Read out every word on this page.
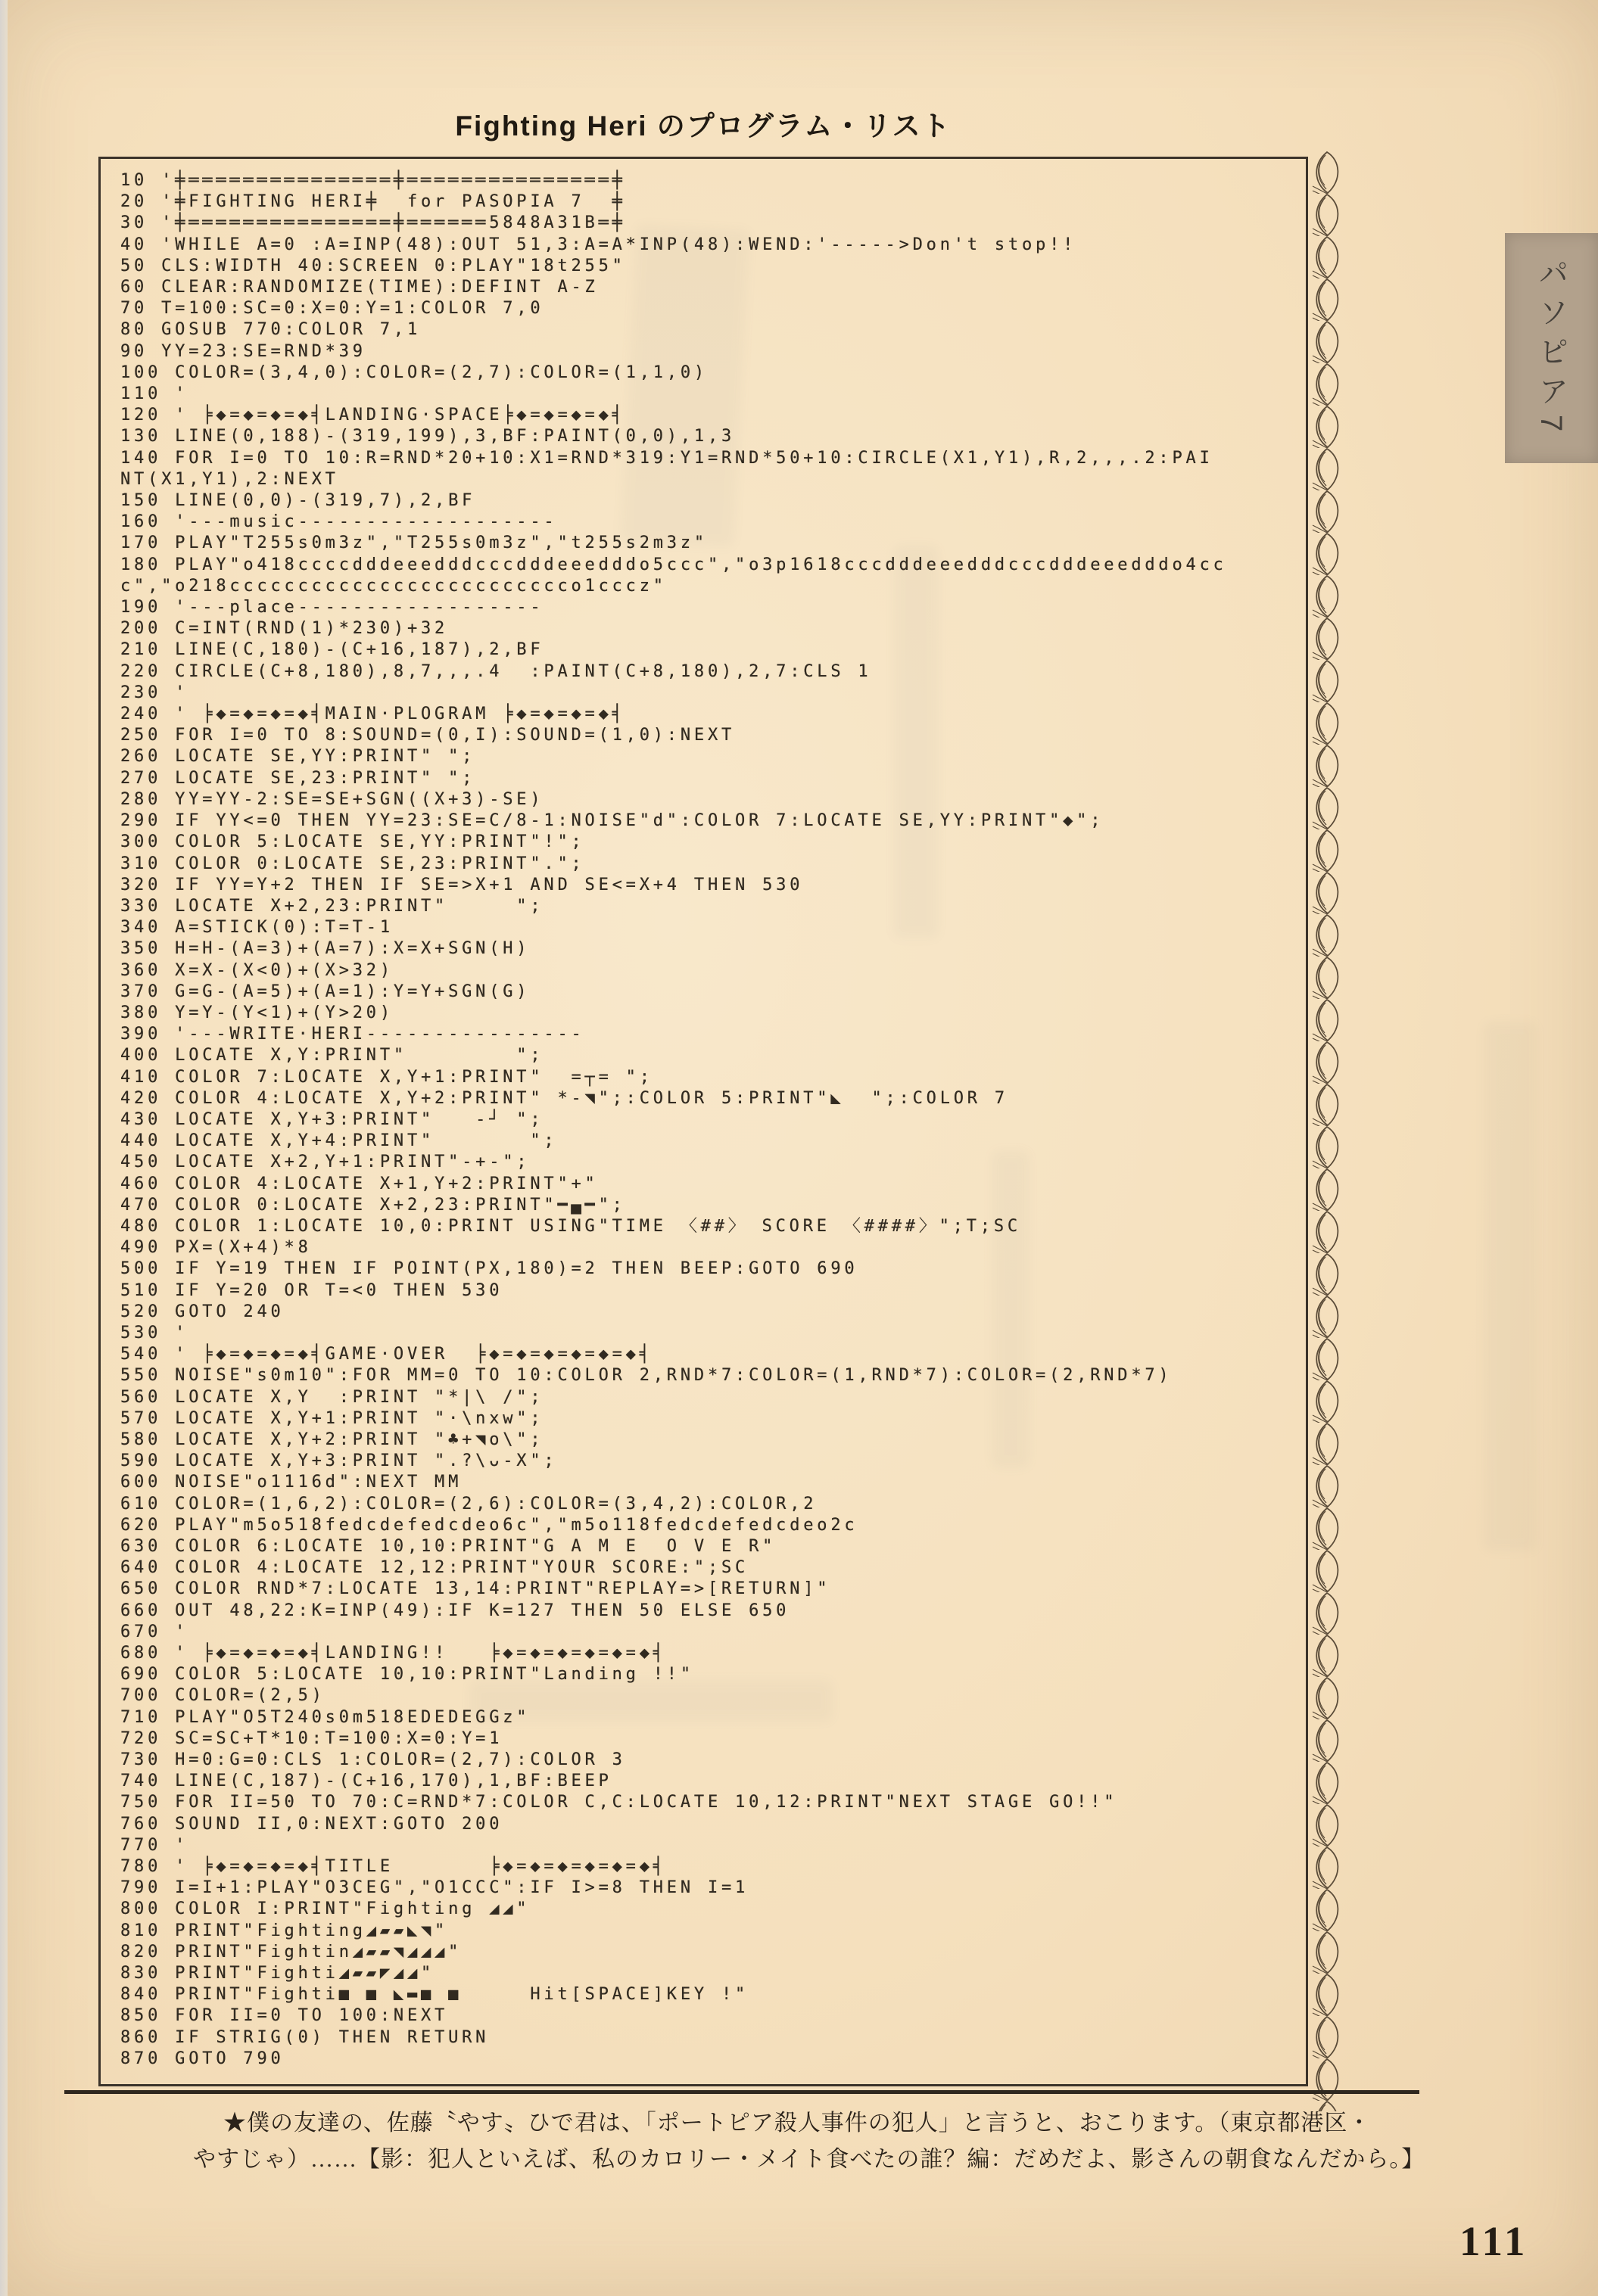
Fighting Heri のプログラム・リスト
10 '╪═══════════════╪═══════════════╪
20 '╪FIGHTING HERI╪  for PASOPIA 7  ╪
30 '╪═══════════════╪══════5848A31B═╪
40 'WHILE A=0 :A=INP(48):OUT 51,3:A=A*INP(48):WEND:'----->Don't stop!!
50 CLS:WIDTH 40:SCREEN 0:PLAY"18t255"
60 CLEAR:RANDOMIZE(TIME):DEFINT A-Z
70 T=100:SC=0:X=0:Y=1:COLOR 7,0
80 GOSUB 770:COLOR 7,1
90 YY=23:SE=RND*39
100 COLOR=(3,4,0):COLOR=(2,7):COLOR=(1,1,0)
110 '
120 ' ╞◆=◆=◆=◆╡LANDING·SPACE╞◆=◆=◆=◆╡
130 LINE(0,188)-(319,199),3,BF:PAINT(0,0),1,3
140 FOR I=0 TO 10:R=RND*20+10:X1=RND*319:Y1=RND*50+10:CIRCLE(X1,Y1),R,2,,,.2:PAI
NT(X1,Y1),2:NEXT
150 LINE(0,0)-(319,7),2,BF
160 '---music-------------------
170 PLAY"T255s0m3z","T255s0m3z","t255s2m3z"
180 PLAY"o418ccccdddeeedddcccdddeeedddo5ccc","o3p1618cccdddeeedddcccdddeeedddo4cc
c","o218ccccccccccccccccccccccccco1cccz"
190 '---place------------------
200 C=INT(RND(1)*230)+32
210 LINE(C,180)-(C+16,187),2,BF
220 CIRCLE(C+8,180),8,7,,,.4  :PAINT(C+8,180),2,7:CLS 1
230 '
240 ' ╞◆=◆=◆=◆╡MAIN·PLOGRAM ╞◆=◆=◆=◆╡
250 FOR I=0 TO 8:SOUND=(0,I):SOUND=(1,0):NEXT
260 LOCATE SE,YY:PRINT" ";
270 LOCATE SE,23:PRINT" ";
280 YY=YY-2:SE=SE+SGN((X+3)-SE)
290 IF YY<=0 THEN YY=23:SE=C/8-1:NOISE"d":COLOR 7:LOCATE SE,YY:PRINT"◆";
300 COLOR 5:LOCATE SE,YY:PRINT"!";
310 COLOR 0:LOCATE SE,23:PRINT".";
320 IF YY=Y+2 THEN IF SE=>X+1 AND SE<=X+4 THEN 530
330 LOCATE X+2,23:PRINT"     ";
340 A=STICK(0):T=T-1
350 H=H-(A=3)+(A=7):X=X+SGN(H)
360 X=X-(X<0)+(X>32)
370 G=G-(A=5)+(A=1):Y=Y+SGN(G)
380 Y=Y-(Y<1)+(Y>20)
390 '---WRITE·HERI----------------
400 LOCATE X,Y:PRINT"        ";
410 COLOR 7:LOCATE X,Y+1:PRINT"  =┬= ";
420 COLOR 4:LOCATE X,Y+2:PRINT" *-◥";:COLOR 5:PRINT"◣  ";:COLOR 7
430 LOCATE X,Y+3:PRINT"   -┘ ";
440 LOCATE X,Y+4:PRINT"       ";
450 LOCATE X+2,Y+1:PRINT"-+-";
460 COLOR 4:LOCATE X+1,Y+2:PRINT"+"
470 COLOR 0:LOCATE X+2,23:PRINT"━▄━";
480 COLOR 1:LOCATE 10,0:PRINT USING"TIME 〈##〉 SCORE 〈####〉";T;SC
490 PX=(X+4)*8
500 IF Y=19 THEN IF POINT(PX,180)=2 THEN BEEP:GOTO 690
510 IF Y=20 OR T=<0 THEN 530
520 GOTO 240
530 '
540 ' ╞◆=◆=◆=◆╡GAME·OVER  ╞◆=◆=◆=◆=◆=◆╡
550 NOISE"s0m10":FOR MM=0 TO 10:COLOR 2,RND*7:COLOR=(1,RND*7):COLOR=(2,RND*7)
560 LOCATE X,Y  :PRINT "*|\ /";
570 LOCATE X,Y+1:PRINT "·\nxw";
580 LOCATE X,Y+2:PRINT "♣+◥o\";
590 LOCATE X,Y+3:PRINT ".?\ᴗ-X";
600 NOISE"o1116d":NEXT MM
610 COLOR=(1,6,2):COLOR=(2,6):COLOR=(3,4,2):COLOR,2
620 PLAY"m5o518fedcdefedcdeo6c","m5o118fedcdefedcdeo2c
630 COLOR 6:LOCATE 10,10:PRINT"G A M E  O V E R"
640 COLOR 4:LOCATE 12,12:PRINT"YOUR SCORE:";SC
650 COLOR RND*7:LOCATE 13,14:PRINT"REPLAY=>[RETURN]"
660 OUT 48,22:K=INP(49):IF K=127 THEN 50 ELSE 650
670 '
680 ' ╞◆=◆=◆=◆╡LANDING!!   ╞◆=◆=◆=◆=◆=◆╡
690 COLOR 5:LOCATE 10,10:PRINT"Landing !!"
700 COLOR=(2,5)
710 PLAY"O5T240s0m518EDEDEGGz"
720 SC=SC+T*10:T=100:X=0:Y=1
730 H=0:G=0:CLS 1:COLOR=(2,7):COLOR 3
740 LINE(C,187)-(C+16,170),1,BF:BEEP
750 FOR II=50 TO 70:C=RND*7:COLOR C,C:LOCATE 10,12:PRINT"NEXT STAGE GO!!"
760 SOUND II,0:NEXT:GOTO 200
770 '
780 ' ╞◆=◆=◆=◆╡TITLE       ╞◆=◆=◆=◆=◆=◆╡
790 I=I+1:PLAY"O3CEG","O1CCC":IF I>=8 THEN I=1
800 COLOR I:PRINT"Fighting ◢◢"
810 PRINT"Fighting◢▰▰◣◥"
820 PRINT"Fightin◢▰▰◥◢◢◢"
830 PRINT"Fighti◢▰▰◤◢◢"
840 PRINT"Fighti■ ■ ◣▬■ ■     Hit[SPACE]KEY !"
850 FOR II=0 TO 100:NEXT
860 IF STRIG(0) THEN RETURN
870 GOTO 790
パソピア7

★僕の友達の、佐藤〝やす〟ひで君は、「ポートピア殺人事件の犯人」と言うと、おこります。（東京都港区・

やすじゃ）……【影：犯人といえば、私のカロリー・メイト食べたの誰？編：だめだよ、影さんの朝食なんだから。】

111
